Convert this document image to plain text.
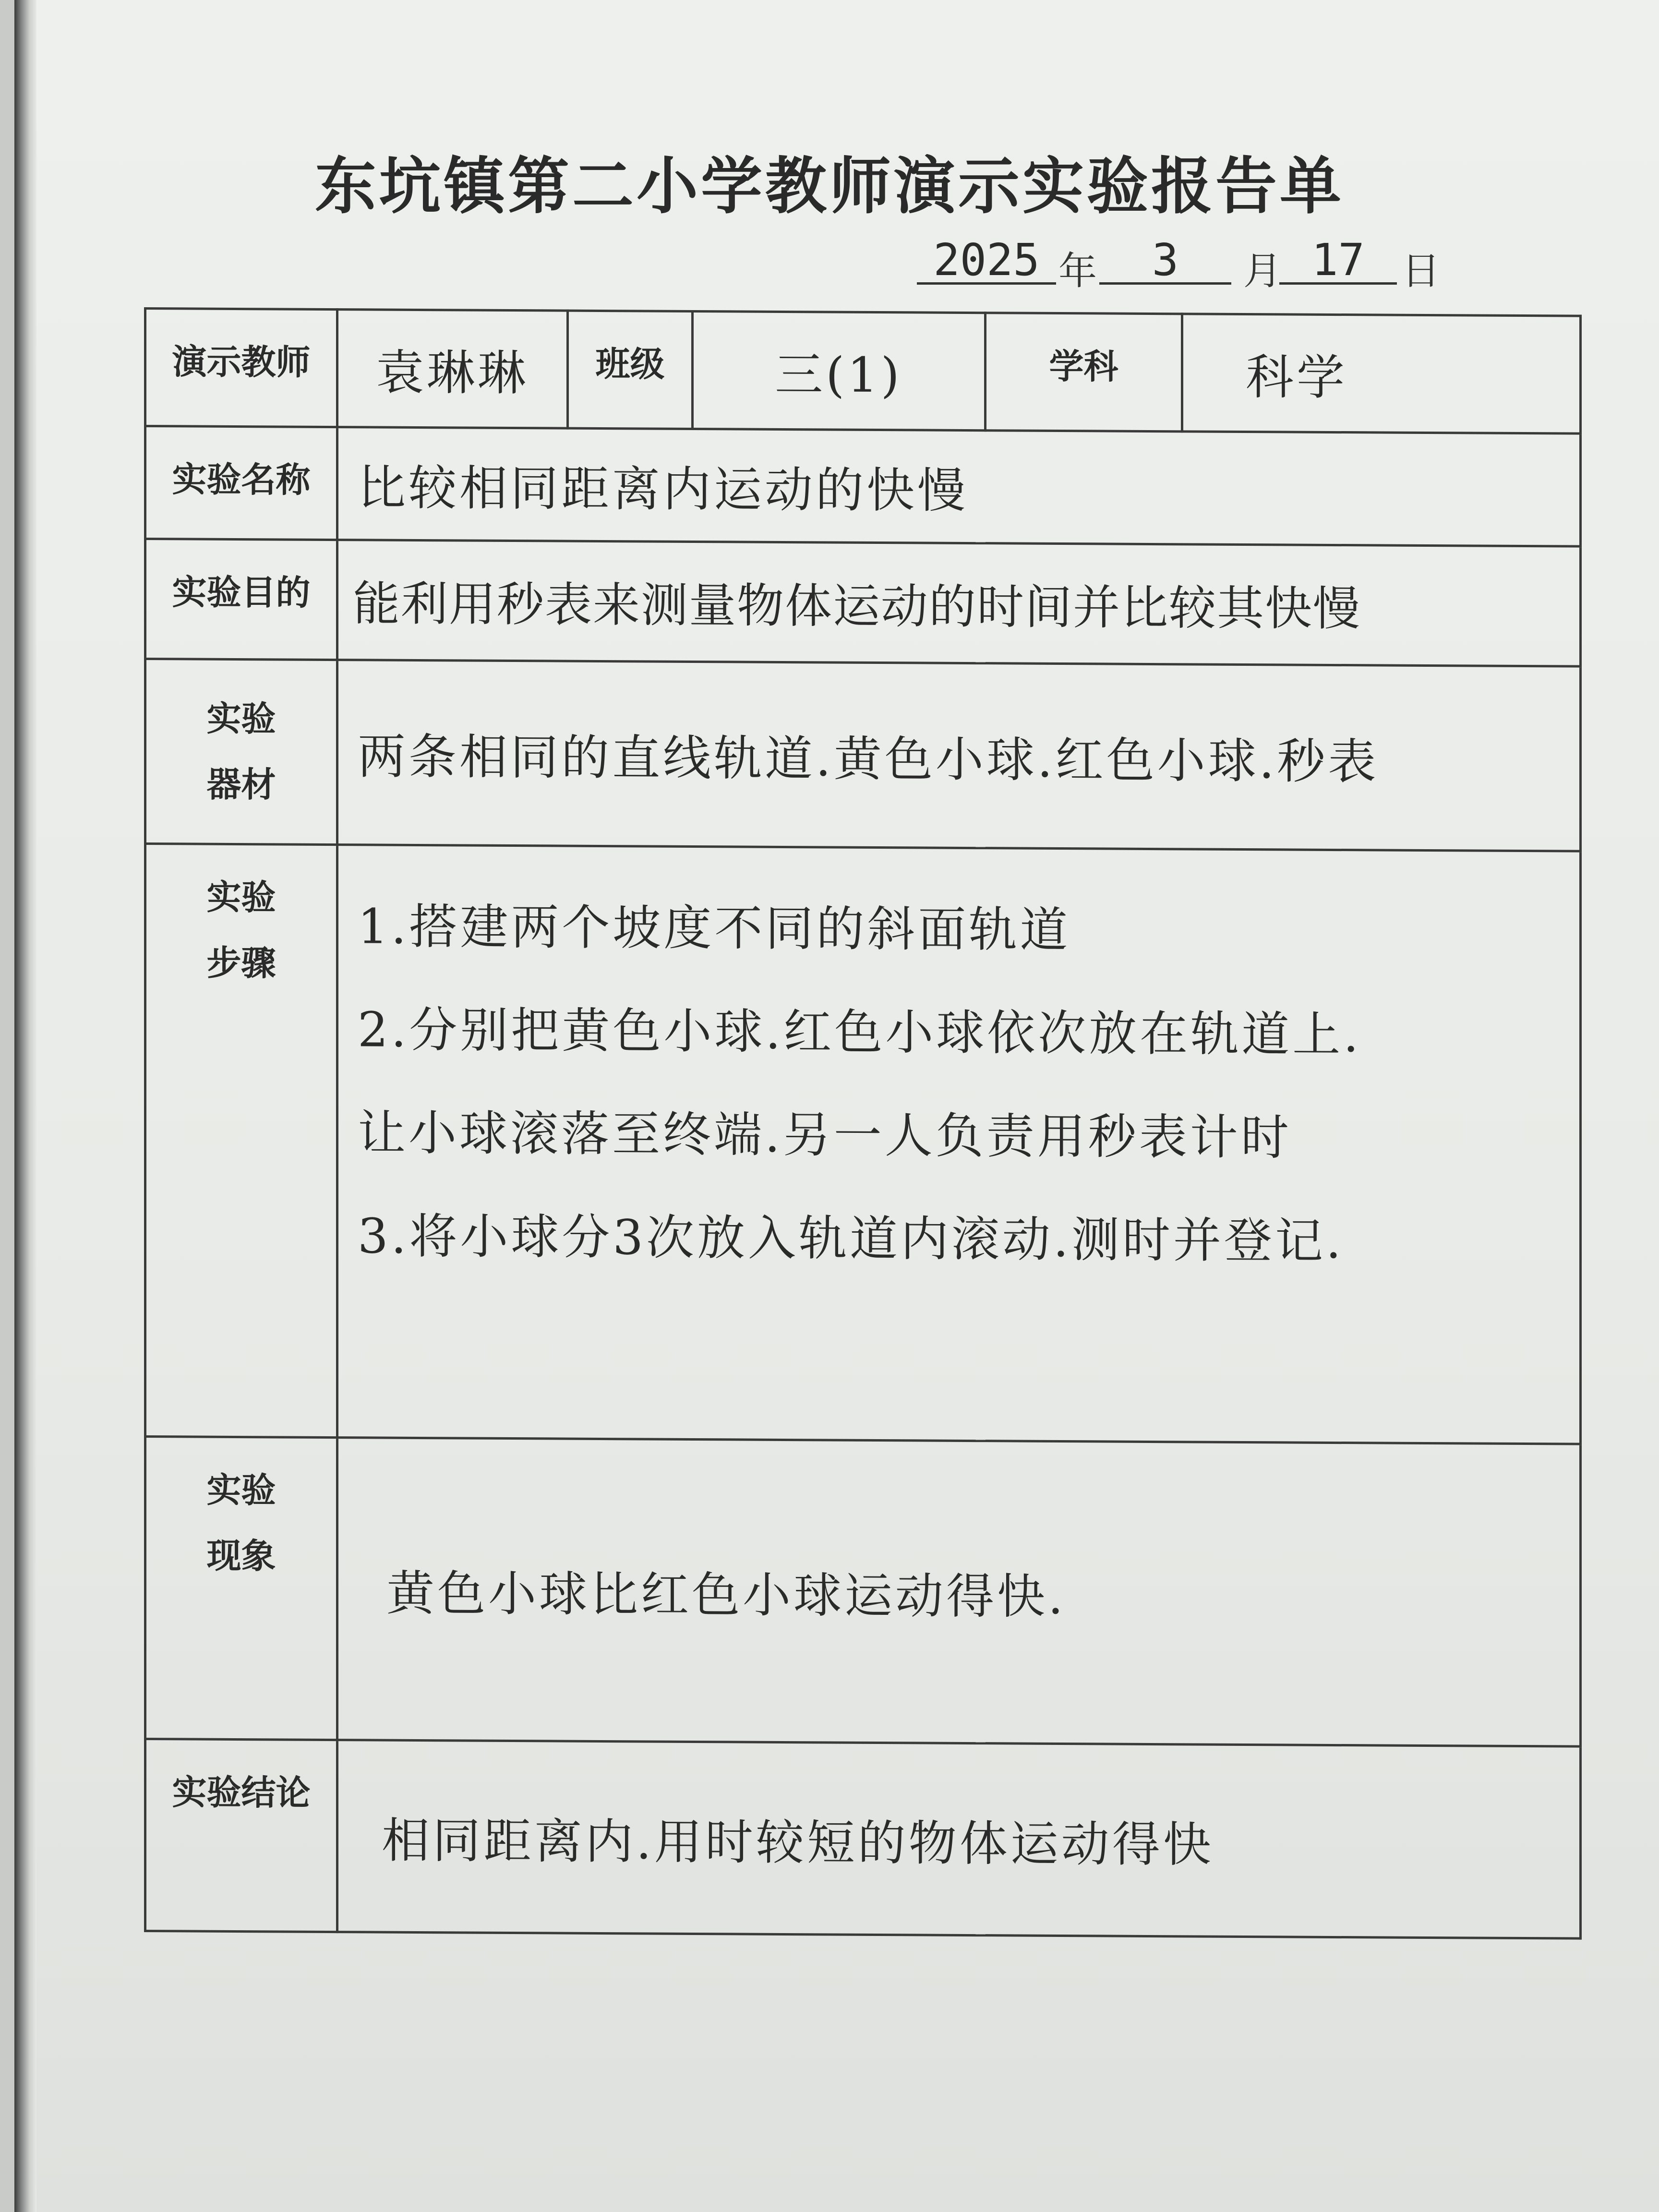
东坑镇第二小学教师演示实验报告单
2025 年	3	月 17 日
演示教师	袁琳琳	班级	三(1)	学科	科学
实验名称	比较相同距离内运动的快慢				
实验目的	能利用秒表来测量物体运动的时间并比较其快慢				
实验
器材	两条相同的直线轨道.黄色小球.红色小球.秒表				
实验
步骤	1.搭建两个坡度不同的斜面轨道
2.分别把黄色小球.红色小球依次放在轨道上.
让小球滚落至终端.另一人负责用秒表计时
3.将小球分3次放入轨道内滚动.测时并登记.				

实验
现象	黄色小球比红色小球运动得快.				
实验结论	相同距离内.用时较短的物体运动得快				
